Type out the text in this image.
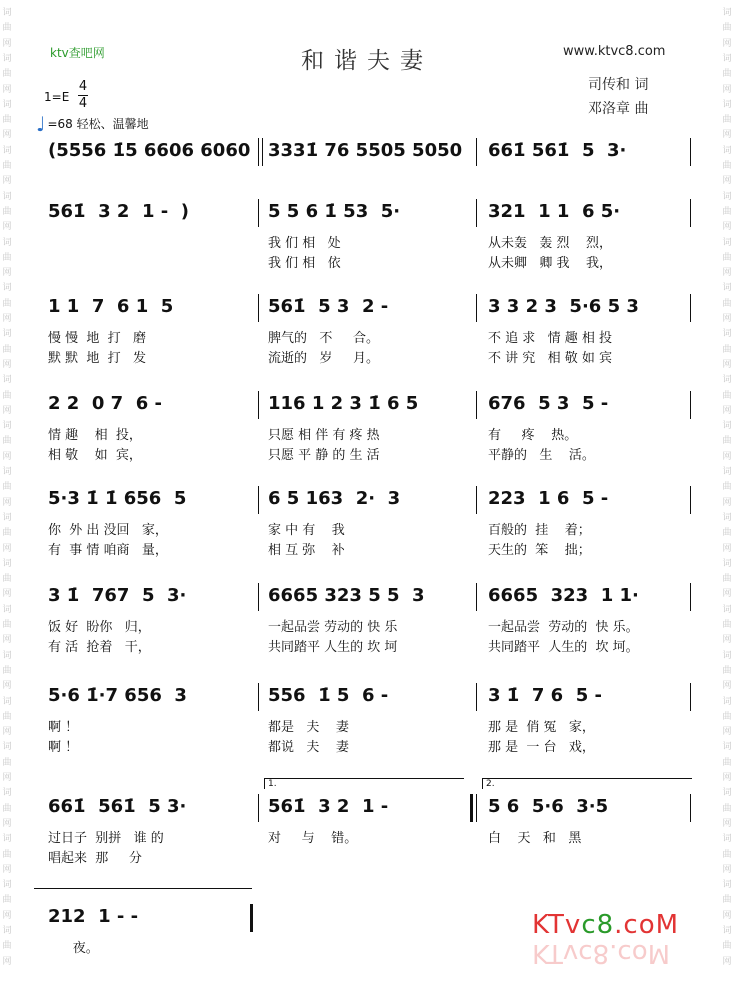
词
曲
网
词
曲
网
词
曲
网
词
曲
网
词
曲
网
词
曲
网
词
曲
网
词
曲
网
词
曲
网
词
曲
网
词
曲
网
词
曲
网
词
曲
网
词
曲
网
词
曲
网
词
曲
网
词
曲
网
词
曲
网
词
曲
网
词
曲
网
词
曲
网
词
曲
网
词
曲
网
词
曲
网
词
曲
网
词
曲
网
词
曲
网
词
曲
网
词
曲
网
词
曲
网
词
曲
网
词
曲
网
词
曲
网
词
曲
网
词
曲
网
词
曲
网
词
曲
网
词
曲
网
词
曲
网
词
曲
网
词
曲
网
词
曲
网
ktv查吧网	和谐夫妻	www.ktvc8.com
司传和 词
邓洛章 曲
1=E
4
4
♩ =68 轻松、温馨地
(5556 1̇5 6606 6060 3331̇ 76 5505 5050 661̇ 561̇  5  3·
561̇  3 2  1 -  )	5 5 6 1̇ 53  5·	321  1 1  6 5·
我 们 相   处	从未轰   轰 烈    烈，
我 们 相   依	从未卿   卿 我    我，
1 1  7  6 1  5	561̇  5 3  2 -	3 3 2 3  5·6 5 3
慢 慢  地  打   磨	脾气的   不     合。	不 追 求   情 趣 相 投
默 默  地  打   发	流逝的   岁     月。	不 讲 究   相 敬 如 宾
2 2  0 7  6 -	116 1 2 3 1̇ 6 5	676  5 3  5 -
情 趣    相  投，	只愿 相 伴 有 疼 热	有     疼    热。
相 敬    如  宾，	只愿 平 静 的 生 活	平静的   生    活。
5·3 1̇ 1̇ 656  5	6 5 163  2·  3	223  1 6  5 -
你  外 出 没回   家，	家 中 有    我	百般的  挂    着；
有  事 情 咱商   量，	相 互 弥    补	天生的  笨    拙；
3 1̇  767  5  3·	6665 323 5 5  3	6665  323  1 1·
饭 好  盼你   归，	一起品尝 劳动的 快 乐	一起品尝  劳动的  快 乐。
有 活  抢着   干，	共同踏平 人生的 坎 坷	共同踏平  人生的  坎 坷。
5·6 1̇·7 656  3	556  1̇ 5  6 -	3 1̇  7 6  5 -
啊 ！	都是   夫    妻	那 是  俏 冤   家，
啊 ！	都说   夫    妻	那 是  一 台   戏，
661̇  561̇  5 3·	561̇  3 2  1 -	5 6  5·6  3·5
过日子  别拼   谁 的	对     与    错。	白    天   和   黑
唱起来  那     分
212  1 - -
夜。
1.	2.
KTvc8.coM
KTvc8.coM
